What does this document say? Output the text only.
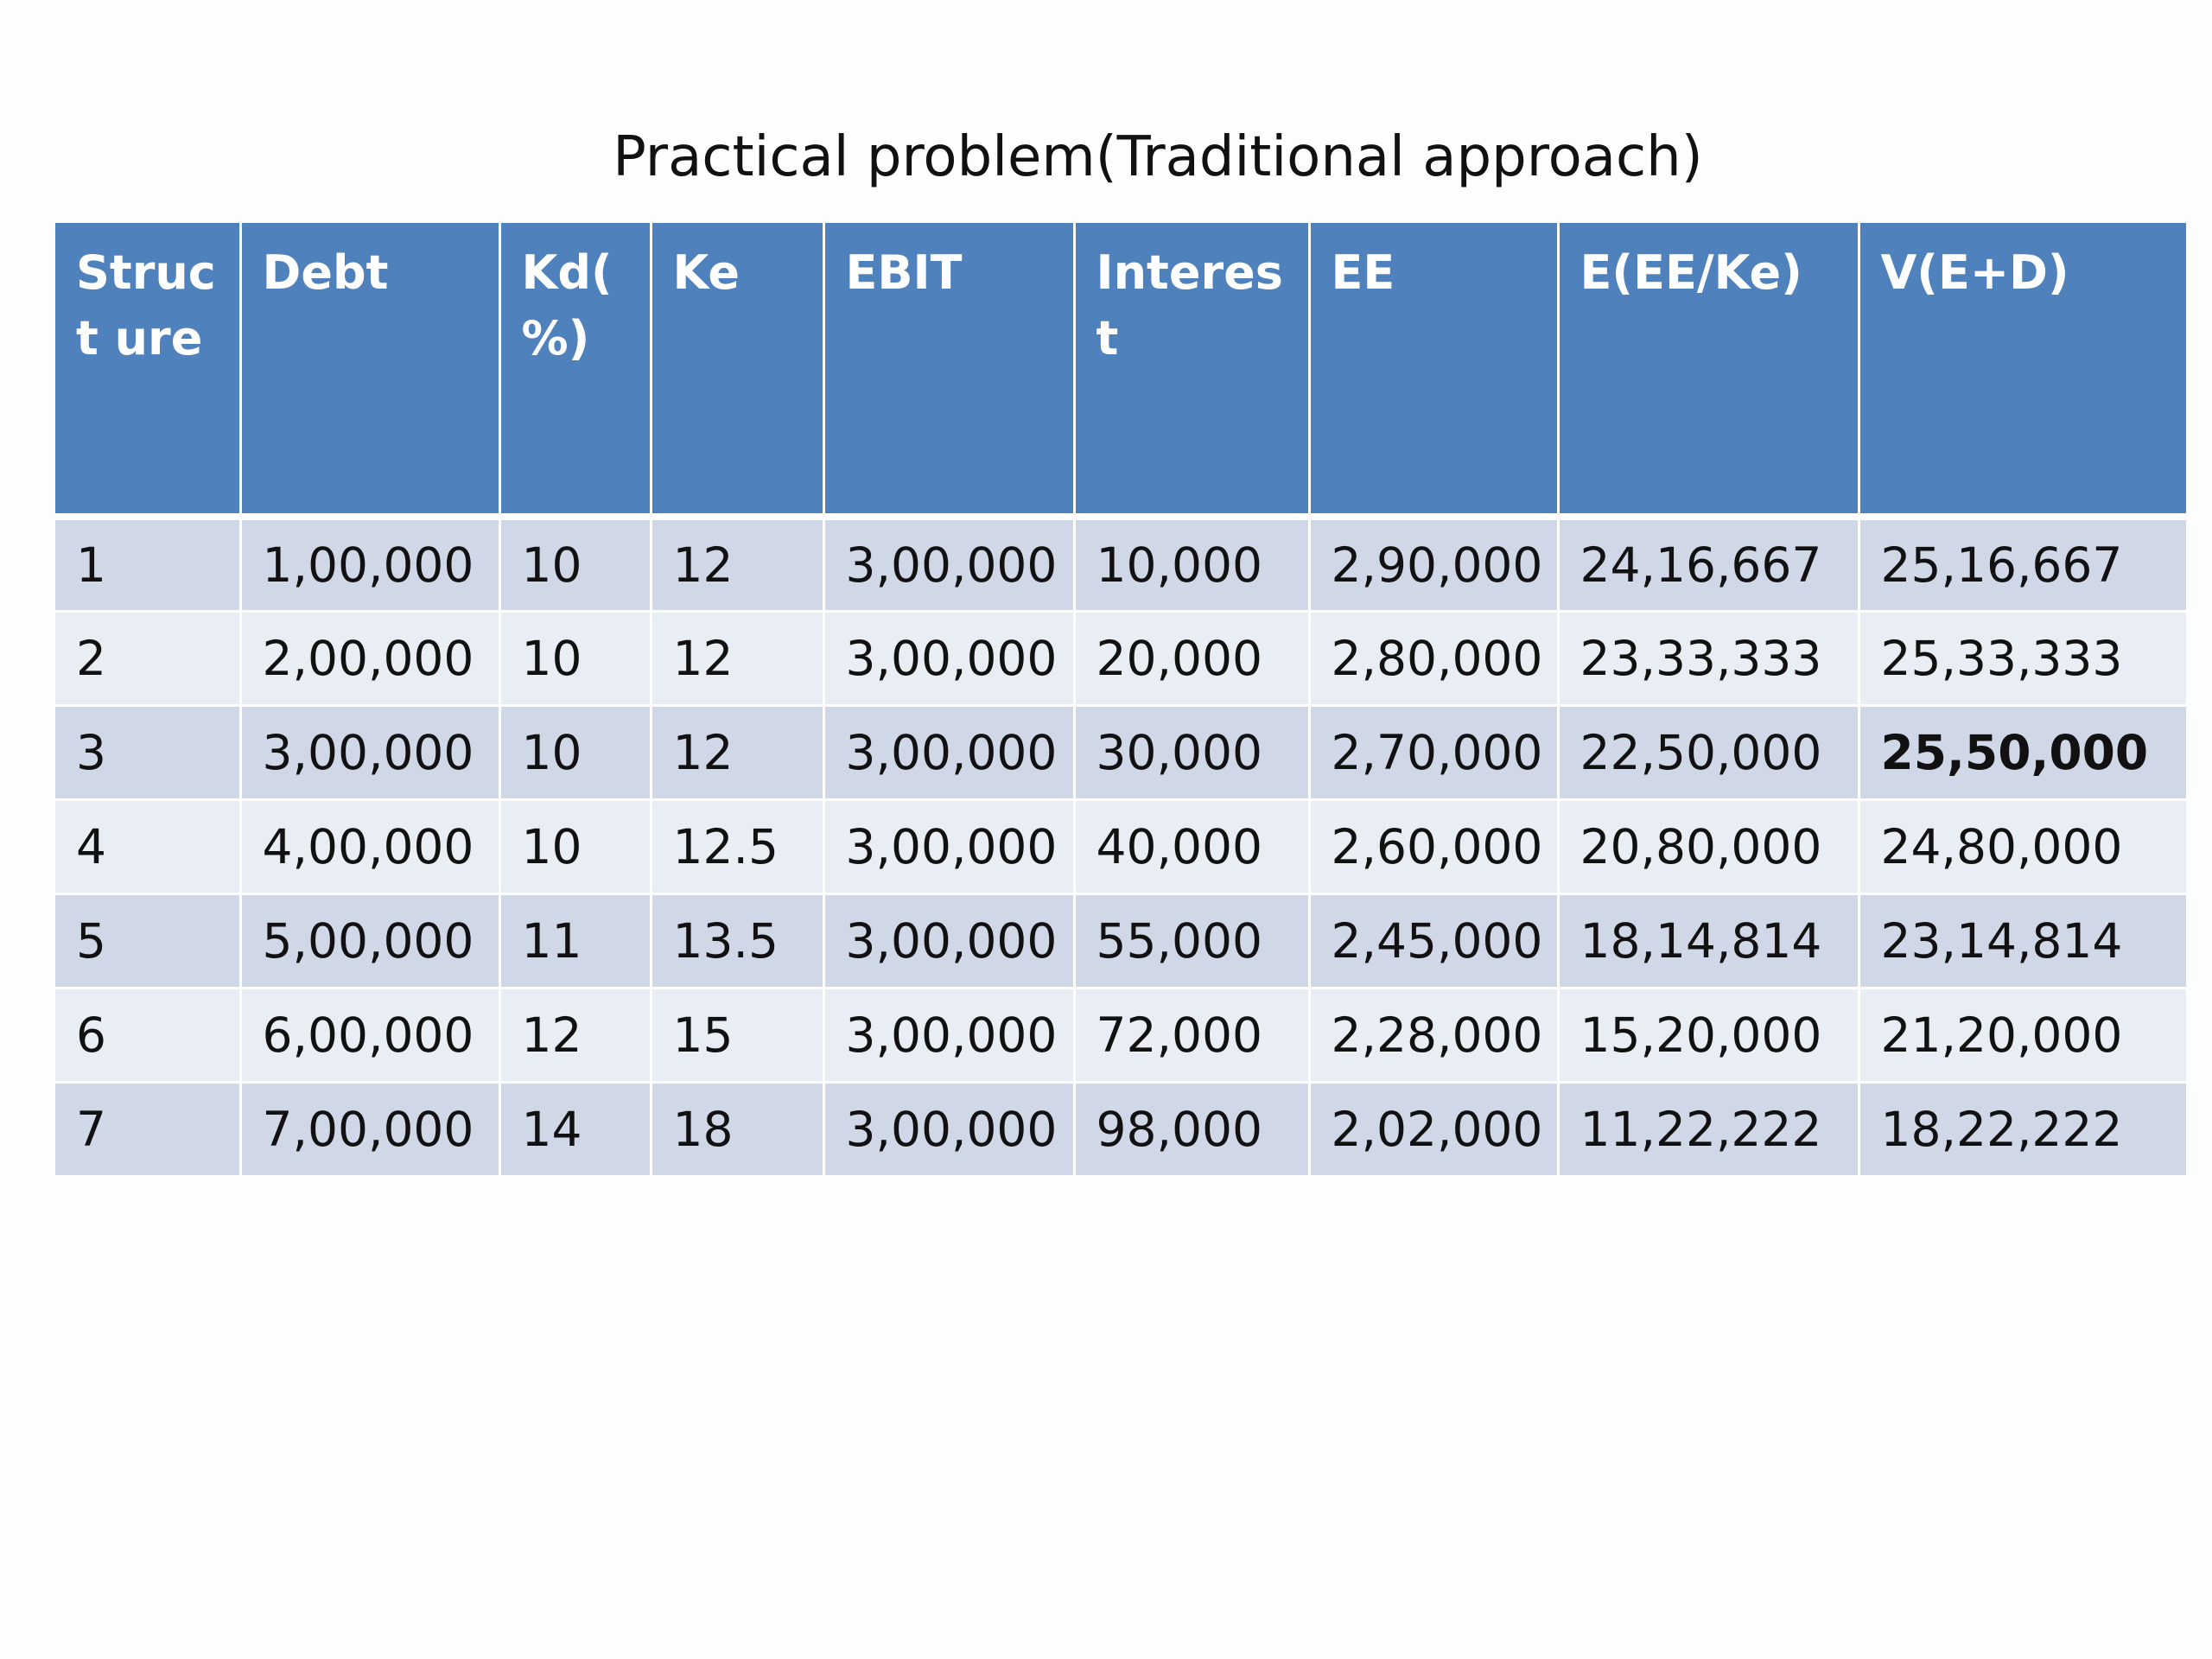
Practical problem(Traditional approach)
Struct ure	Debt	Kd( %)	Ke	EBIT	Interest	EE	E(EE/Ke)	V(E+D)
1	1,00,000	10	12	3,00,000	10,000	2,90,000	24,16,667	25,16,667
2	2,00,000	10	12	3,00,000	20,000	2,80,000	23,33,333	25,33,333
3	3,00,000	10	12	3,00,000	30,000	2,70,000	22,50,000	25,50,000
4	4,00,000	10	12.5	3,00,000	40,000	2,60,000	20,80,000	24,80,000
5	5,00,000	11	13.5	3,00,000	55,000	2,45,000	18,14,814	23,14,814
6	6,00,000	12	15	3,00,000	72,000	2,28,000	15,20,000	21,20,000
7	7,00,000	14	18	3,00,000	98,000	2,02,000	11,22,222	18,22,222
